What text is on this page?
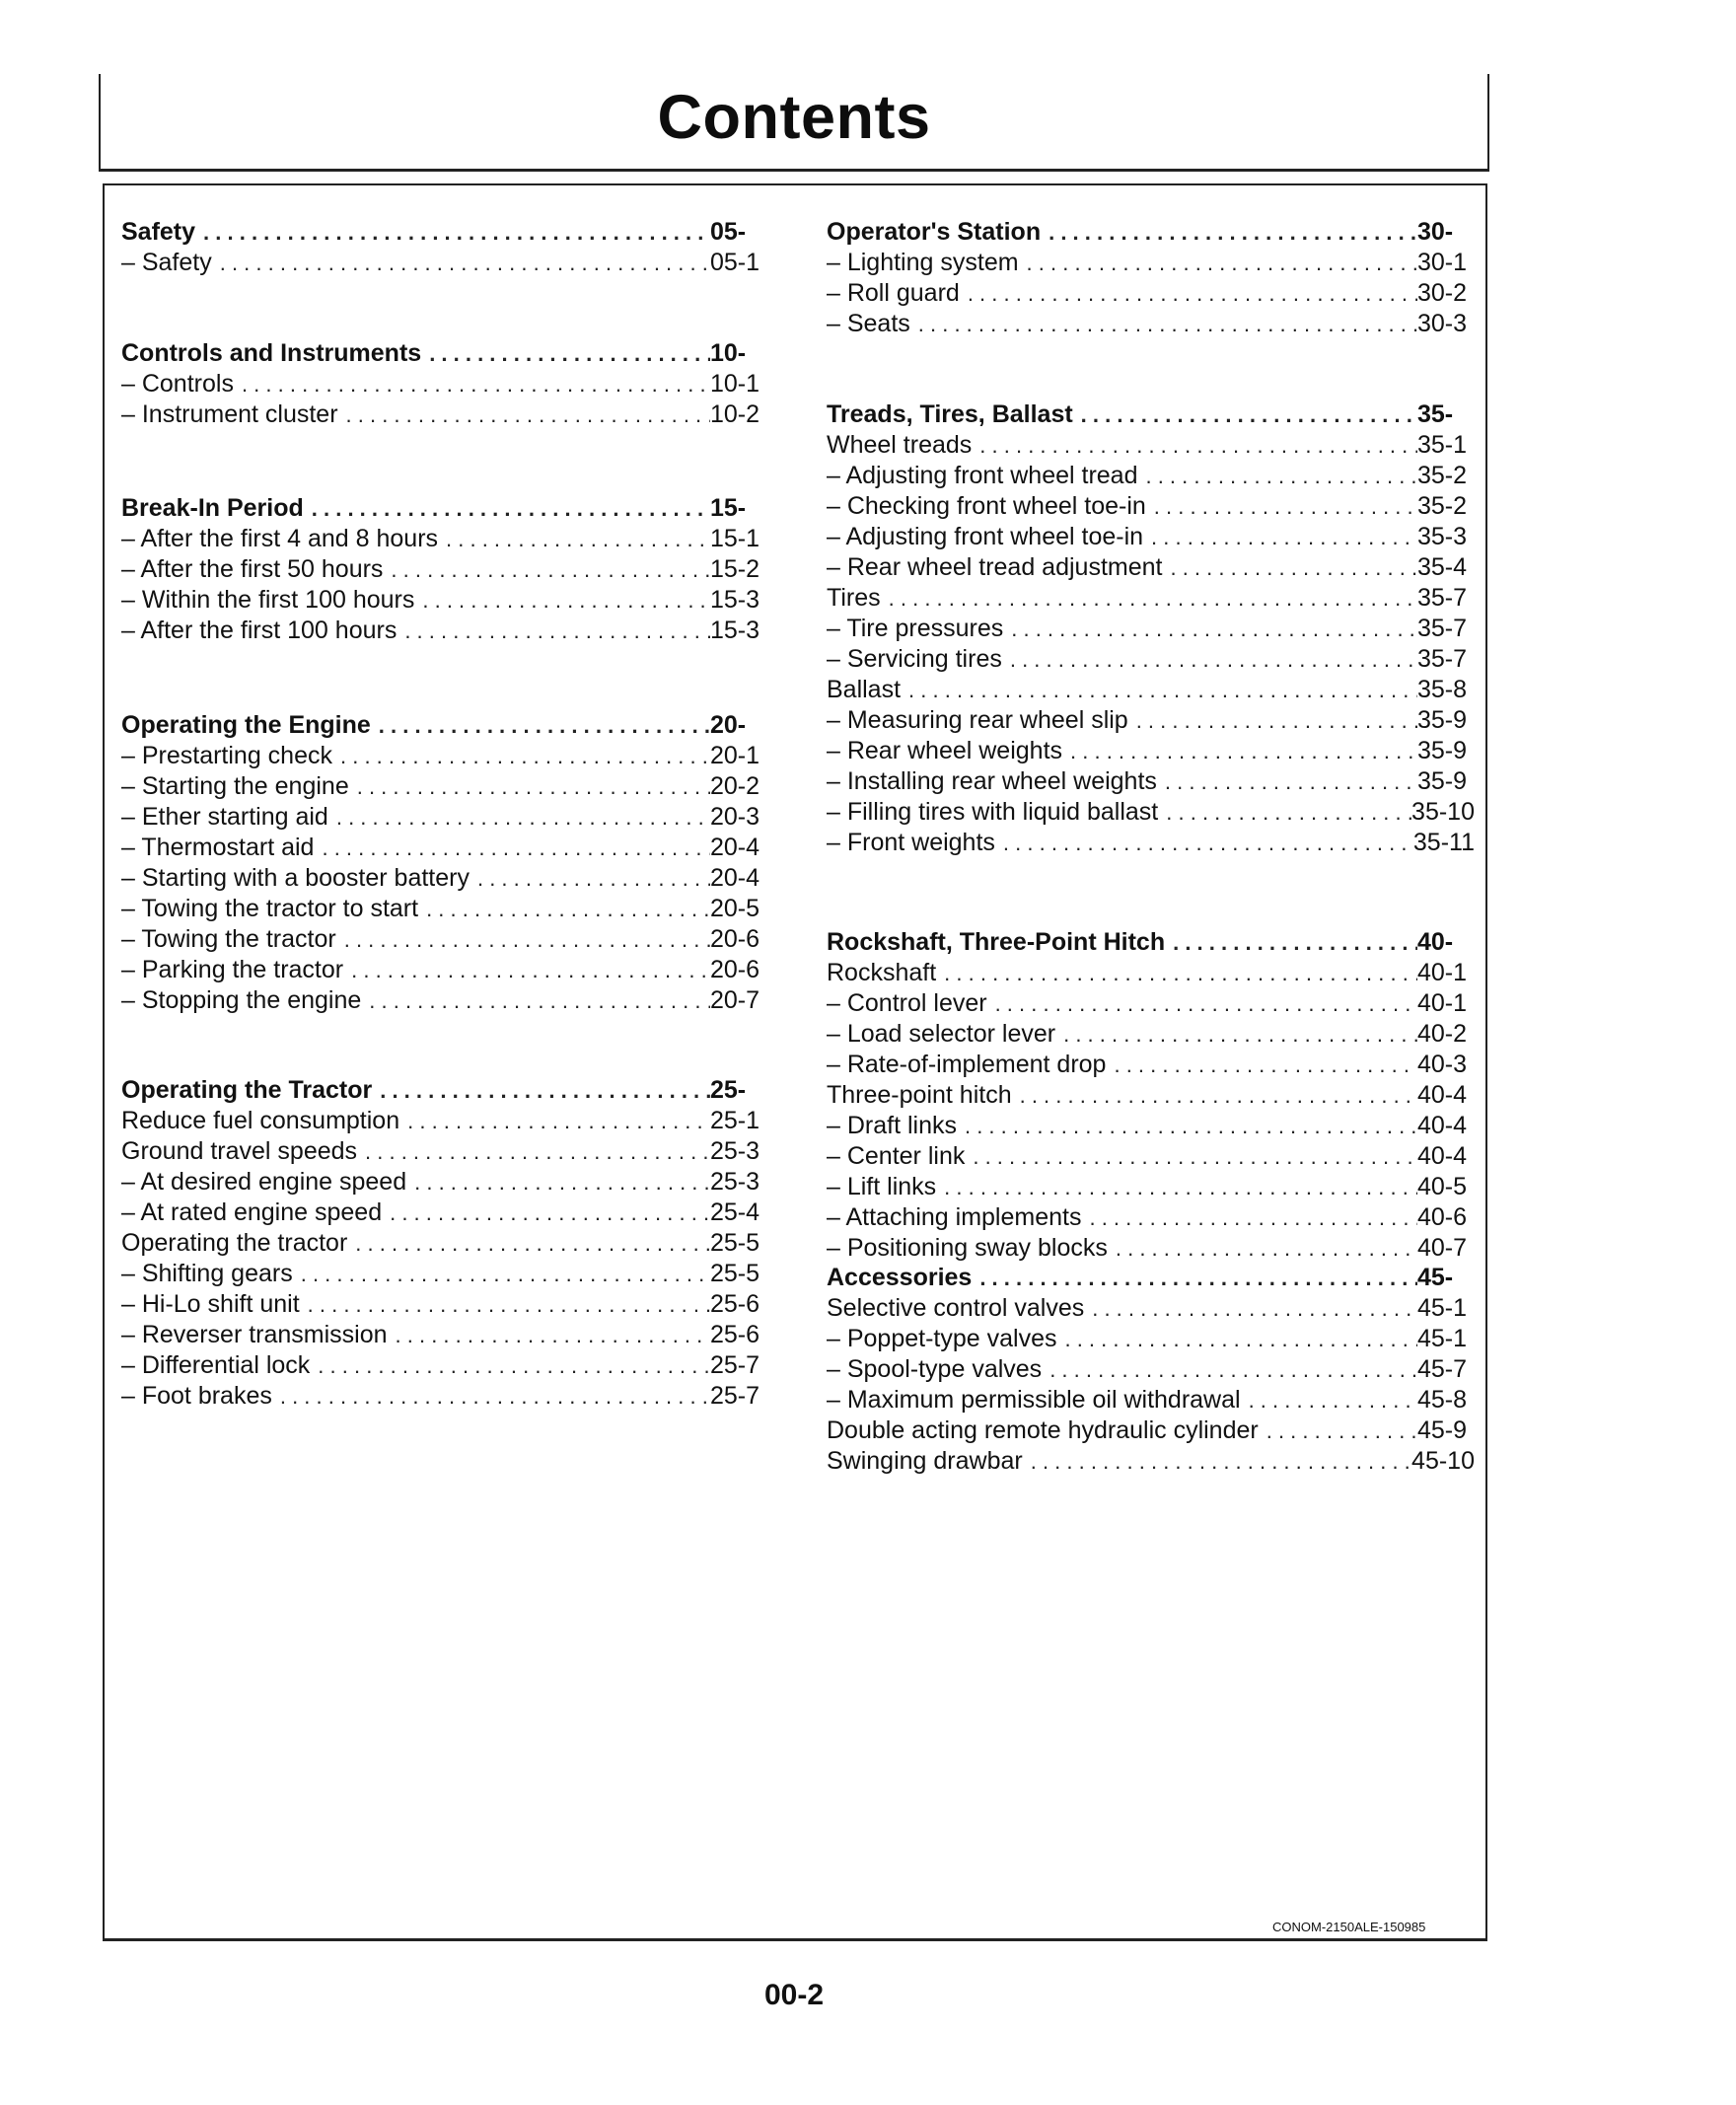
Contents
Safety . . .	05-
– Safety . . .	05-1
Controls and Instruments . . .	10-
– Controls . . .	10-1
– Instrument cluster . . .	10-2
Break-In Period . . .	15-
– After the first 4 and 8 hours . . .	15-1
– After the first 50 hours . . .	15-2
– Within the first 100 hours . . .	15-3
– After the first 100 hours . . .	15-3
Operating the Engine . . .	20-
– Prestarting check . . .	20-1
– Starting the engine . . .	20-2
– Ether starting aid . . .	20-3
– Thermostart aid . . .	20-4
– Starting with a booster battery . . .	20-4
– Towing the tractor to start . . .	20-5
– Towing the tractor . . .	20-6
– Parking the tractor . . .	20-6
– Stopping the engine . . .	20-7
Operating the Tractor . . .	25-
Reduce fuel consumption . . .	25-1
Ground travel speeds . . .	25-3
– At desired engine speed . . .	25-3
– At rated engine speed . . .	25-4
Operating the tractor . . .	25-5
– Shifting gears . . .	25-5
– Hi-Lo shift unit . . .	25-6
– Reverser transmission . . .	25-6
– Differential lock . . .	25-7
– Foot brakes . . .	25-7
Operator's Station . . .	30-
– Lighting system . . .	30-1
– Roll guard . . .	30-2
– Seats . . .	30-3
Treads, Tires, Ballast . . .	35-
Wheel treads . . .	35-1
– Adjusting front wheel tread . . .	35-2
– Checking front wheel toe-in . . .	35-2
– Adjusting front wheel toe-in . . .	35-3
– Rear wheel tread adjustment . . .	35-4
Tires . . .	35-7
– Tire pressures . . .	35-7
– Servicing tires . . .	35-7
Ballast . . .	35-8
– Measuring rear wheel slip . . .	35-9
– Rear wheel weights . . .	35-9
– Installing rear wheel weights . . .	35-9
– Filling tires with liquid ballast . . .	35-10
– Front weights . . .	35-11
Rockshaft, Three-Point Hitch . . .	40-
Rockshaft . . .	40-1
– Control lever . . .	40-1
– Load selector lever . . .	40-2
– Rate-of-implement drop . . .	40-3
Three-point hitch . . .	40-4
– Draft links . . .	40-4
– Center link . . .	40-4
– Lift links . . .	40-5
– Attaching implements . . .	40-6
– Positioning sway blocks . . .	40-7
Accessories . . .	45-
Selective control valves . . .	45-1
– Poppet-type valves . . .	45-1
– Spool-type valves . . .	45-7
– Maximum permissible oil withdrawal . . .	45-8
Double acting remote hydraulic cylinder . . .	45-9
Swinging drawbar . . .	45-10
CONOM-2150ALE-150985
00-2
